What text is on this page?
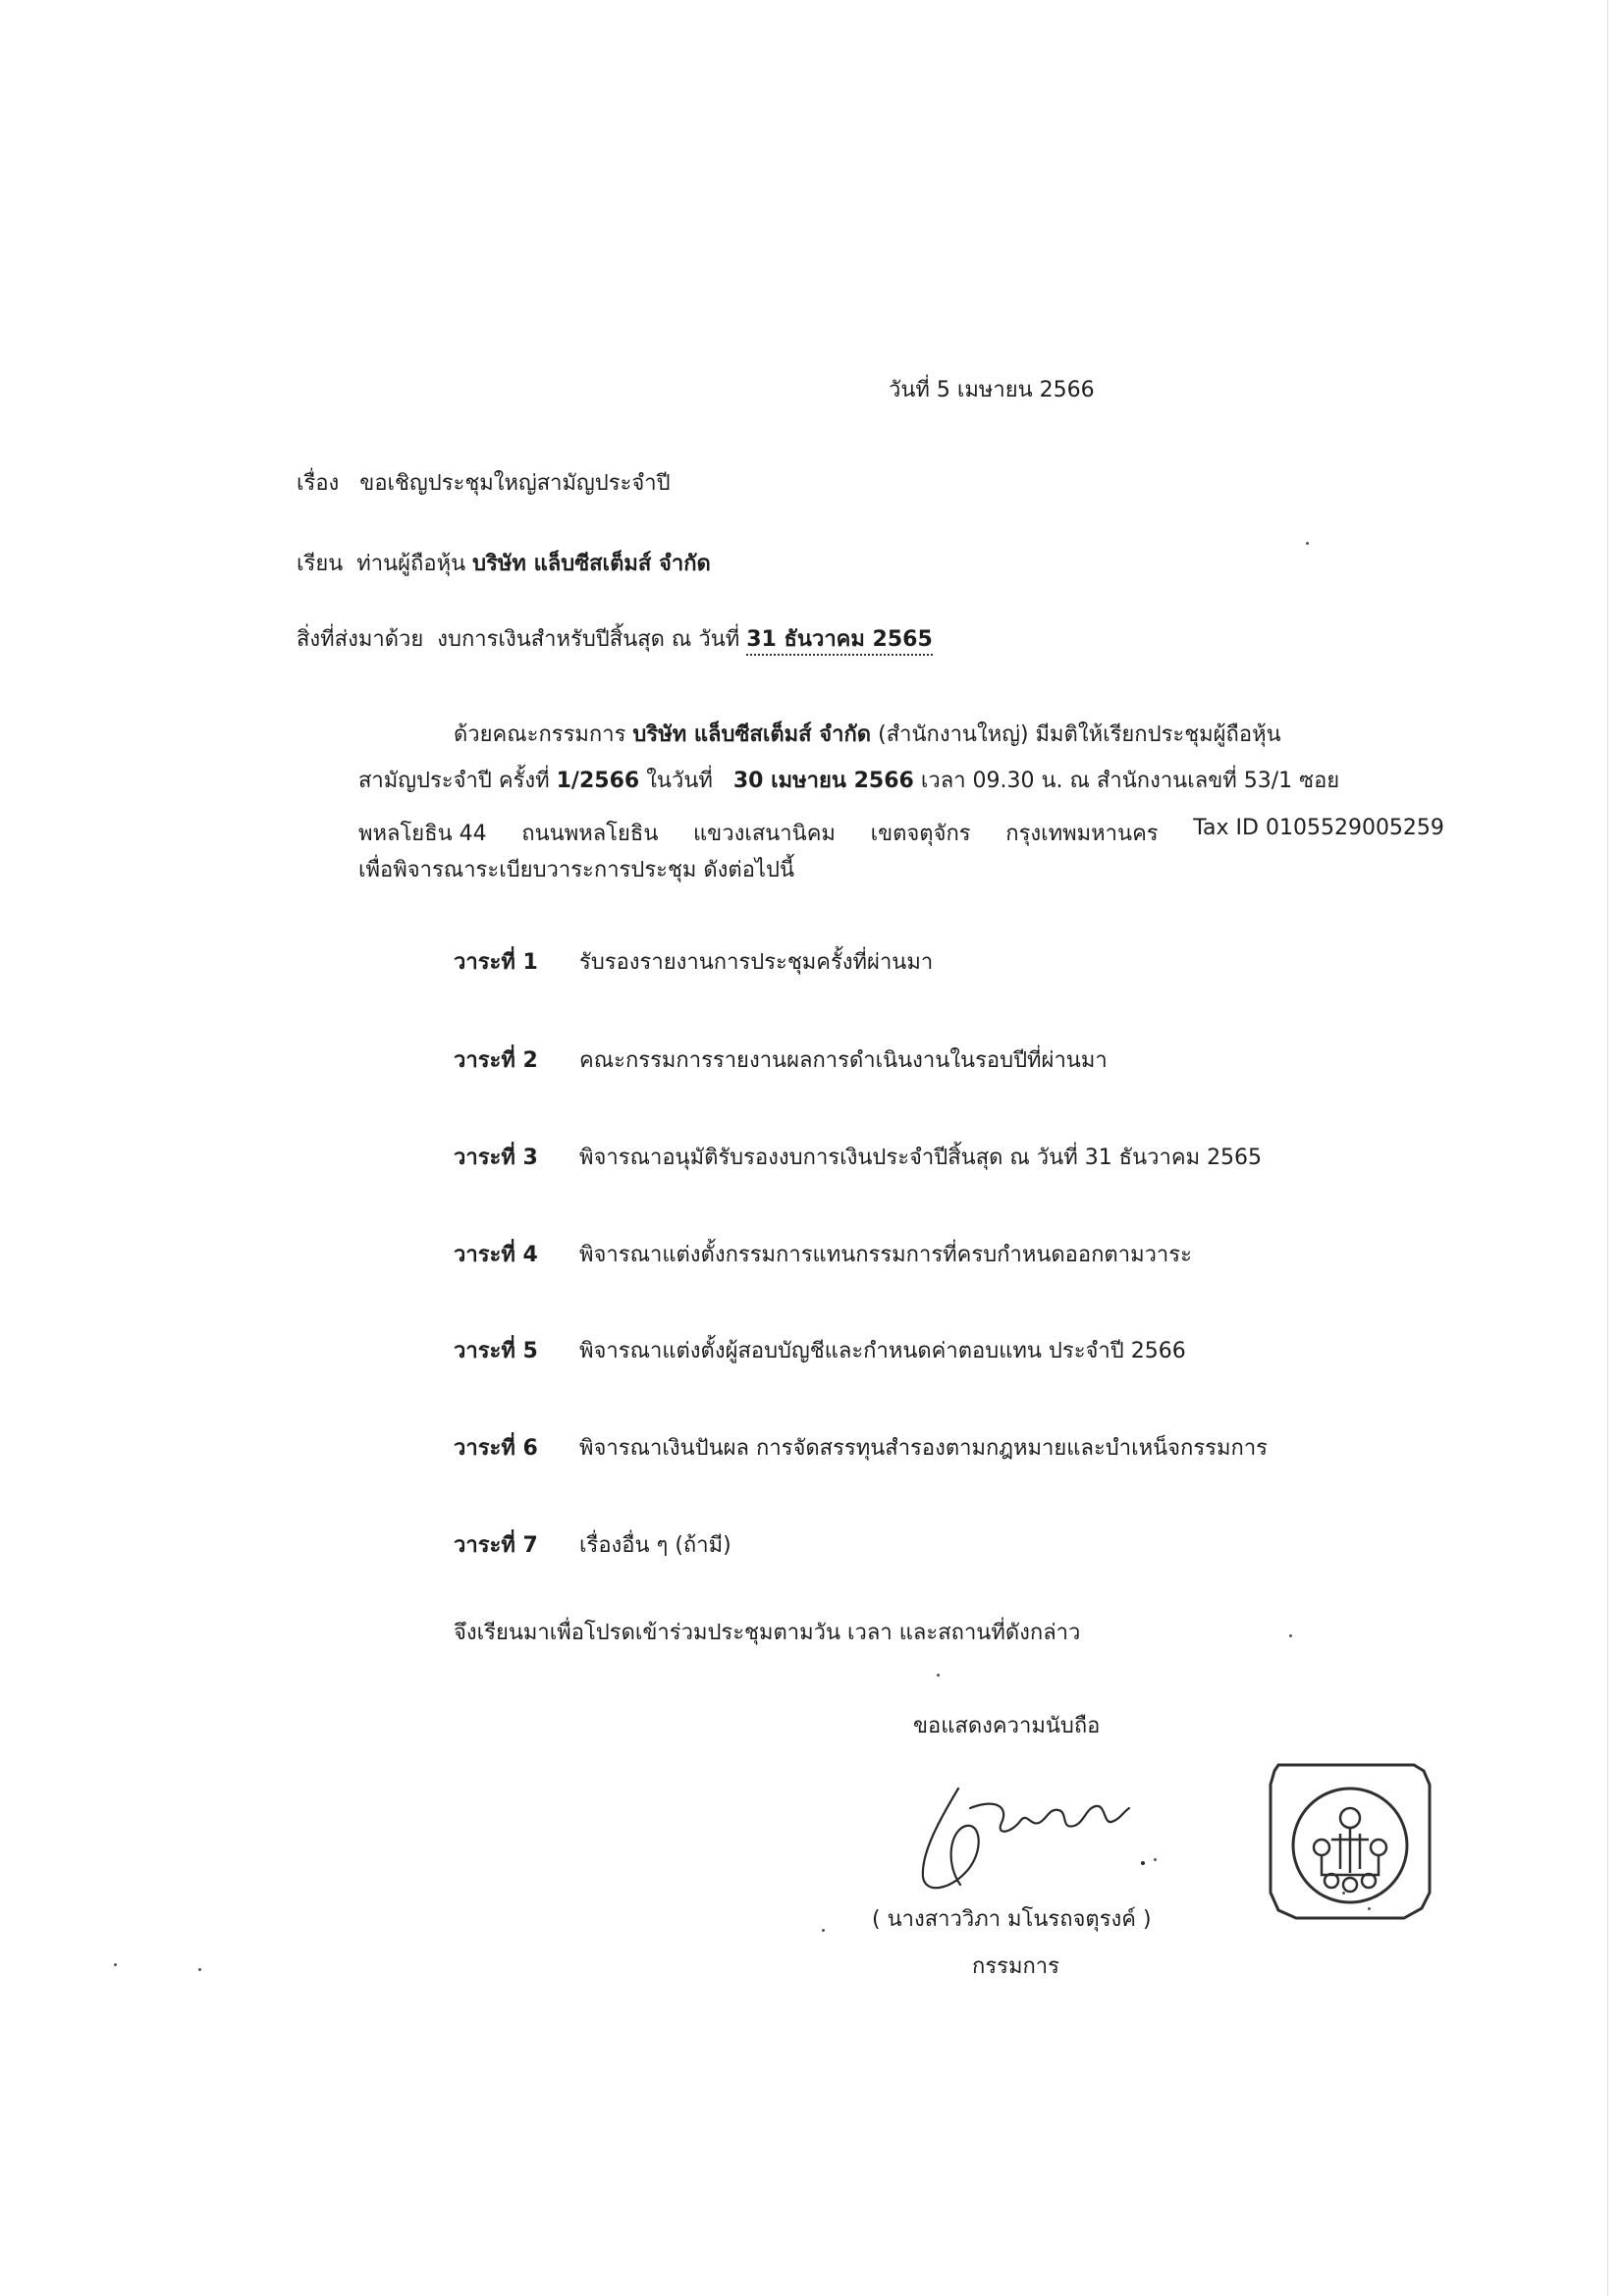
วันที่ 5 เมษายน 2566
เรื่อง ขอเชิญประชุมใหญ่สามัญประจำปี
เรียน ท่านผู้ถือหุ้น บริษัท แล็บซีสเต็มส์ จำกัด
สิ่งที่ส่งมาด้วย งบการเงินสำหรับปีสิ้นสุด ณ วันที่ 31 ธันวาคม 2565
ด้วยคณะกรรมการ บริษัท แล็บซีสเต็มส์ จำกัด (สำนักงานใหญ่) มีมติให้เรียกประชุมผู้ถือหุ้น
สามัญประจำปี ครั้งที่ 1/2566 ในวันที่ 30 เมษายน 2566 เวลา 09.30 น. ณ สำนักงานเลขที่ 53/1 ซอย
พหลโยธิน 44 ถนนพหลโยธิน แขวงเสนานิคม เขตจตุจักร กรุงเทพมหานคร Tax ID 0105529005259
เพื่อพิจารณาระเบียบวาระการประชุม ดังต่อไปนี้
วาระที่ 1 รับรองรายงานการประชุมครั้งที่ผ่านมา
วาระที่ 2 คณะกรรมการรายงานผลการดำเนินงานในรอบปีที่ผ่านมา
วาระที่ 3 พิจารณาอนุมัติรับรองงบการเงินประจำปีสิ้นสุด ณ วันที่ 31 ธันวาคม 2565
วาระที่ 4 พิจารณาแต่งตั้งกรรมการแทนกรรมการที่ครบกำหนดออกตามวาระ
วาระที่ 5 พิจารณาแต่งตั้งผู้สอบบัญชีและกำหนดค่าตอบแทน ประจำปี 2566
วาระที่ 6 พิจารณาเงินปันผล การจัดสรรทุนสำรองตามกฎหมายและบำเหน็จกรรมการ
วาระที่ 7 เรื่องอื่น ๆ (ถ้ามี)
จึงเรียนมาเพื่อโปรดเข้าร่วมประชุมตามวัน เวลา และสถานที่ดังกล่าว
ขอแสดงความนับถือ
( นางสาววิภา มโนรถจตุรงค์ )
กรรมการ
